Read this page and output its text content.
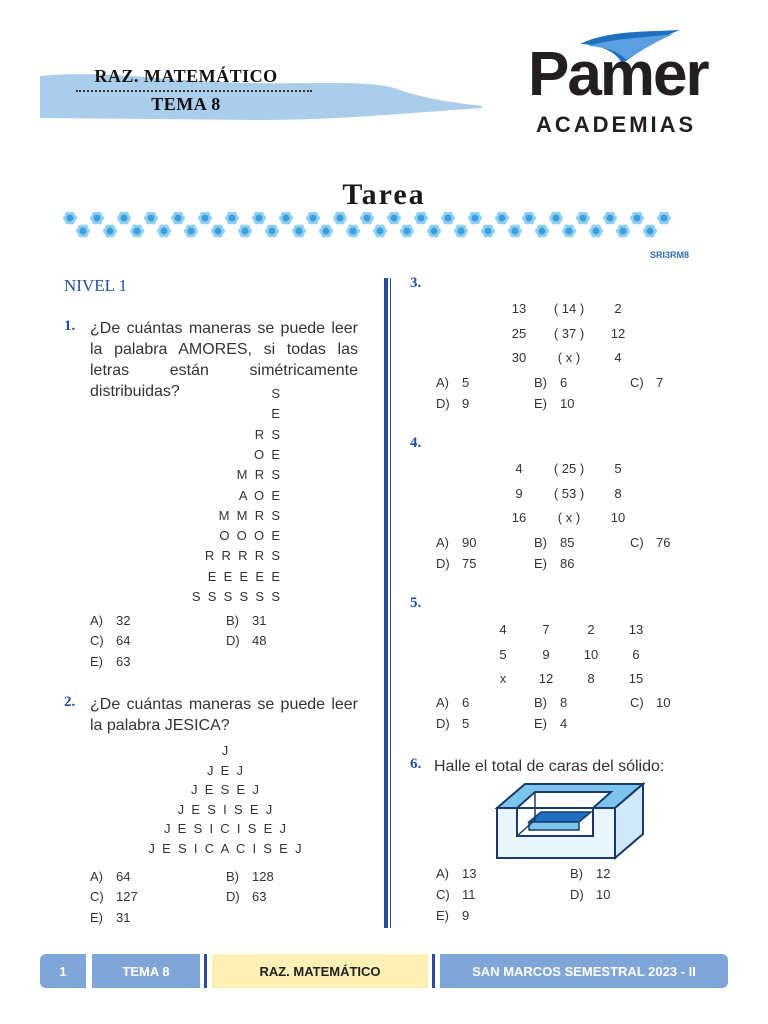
RAZ. MATEMÁTICO
TEMA 8	Pamer
ACADEMIAS
Tarea
SRI3RM8
NIVEL 1
1. ¿De cuántas maneras se puede leer la palabra AMORES, si todas las letras están simétricamente distribuidas?	S
E
R  S
O  E
M  R  S
A  O  E
M  M  R  S
O  O  O  E
R  R  R  R  S
E  E  E  E  E
S  S  S  S  S  S
A) 32	B) 31
C) 64	D) 48
E) 63
2. ¿De cuántas maneras se puede leer la palabra JESICA?
J
J  E  J
J  E  S  E  J
J  E  S  I  S  E  J
J  E  S  I  C  I  S  E  J
J  E  S  I  C  A  C  I  S  E  J
A) 64	B) 128
C) 127	D) 63
E) 31
3.
13	( 14 )	2
25	( 37 )	12
30	( x )	4
A) 5	B) 6	C) 7
D) 9	E) 10
4.
4	( 25 )	5
9	( 53 )	8
16	( x )	10
A) 90	B) 85	C) 76
D) 75	E) 86
5.
4	7	2	13
5	9	10	6
x	12	8	15
A) 6	B) 8	C) 10
D) 5	E) 4
6. Halle el total de caras del sólido:
A) 13	B) 12
C) 11	D) 10
E) 9
1	TEMA 8	RAZ. MATEMÁTICO	SAN MARCOS SEMESTRAL 2023 - II
